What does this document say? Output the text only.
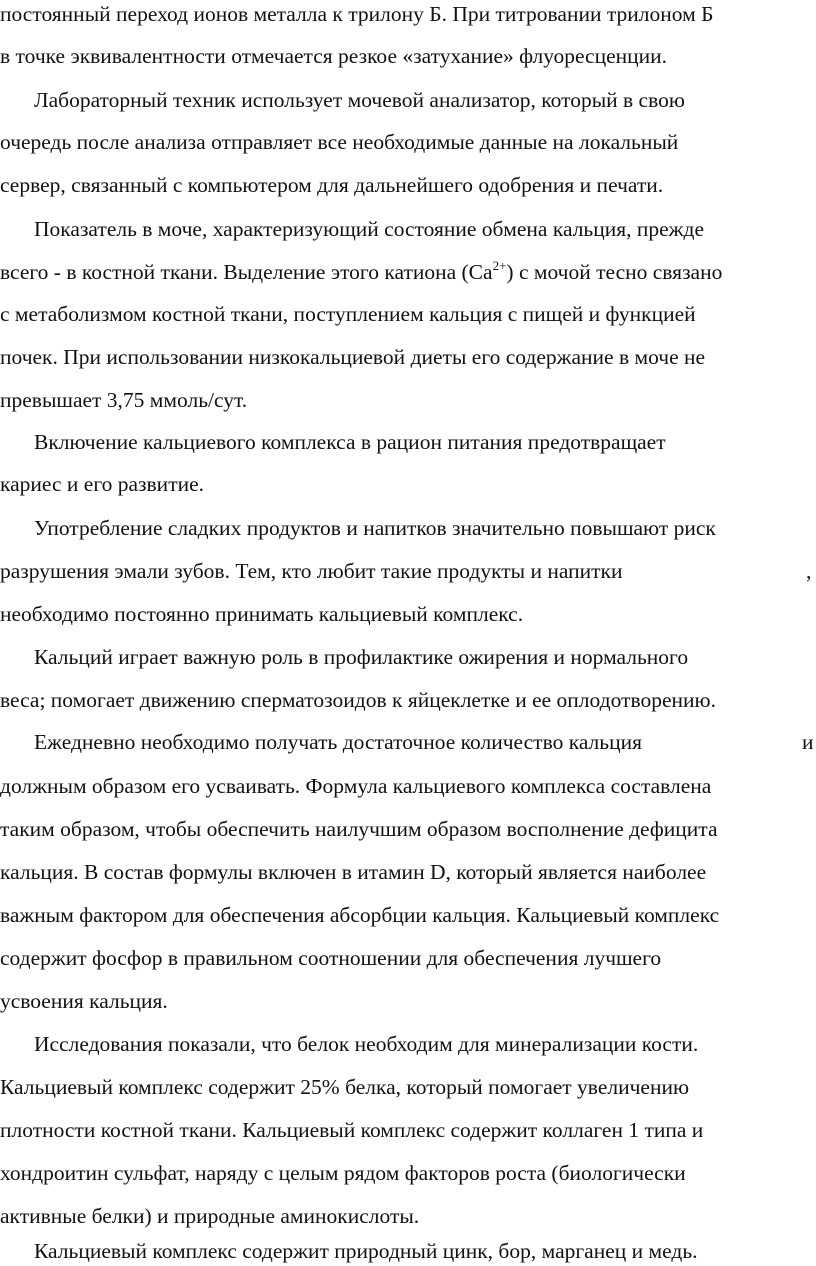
постоянный переход ионов металла к трилону Б. При титровании трилоном Б
в точке эквивалентности отмечается резкое «затухание» флуоресценции.
Лабораторный техник использует мочевой анализатор, который в свою
очередь после анализа отправляет все необходимые данные на локальный
сервер, связанный с компьютером для дальнейшего одобрения и печати.
Показатель в моче, характеризующий состояние обмена кальция, прежде
всего - в костной ткани. Выделение этого катиона $(Ca^{2+})$ с мочой тесно связано
с метаболизмом костной ткани, поступлением кальция с пищей и функцией
почек. При использовании низкокальциевой диеты его содержание в моче не
превышает 3,75 ммоль/сут.
Включение кальциевого комплекса в рацион питания предотвращает
кариес и его развитие.
Употребление сладких продуктов и напитков значительно повышают риск
разрушения эмали зубов. Тем, кто любит такие продукты и напитки	,
необходимо постоянно принимать кальциевый комплекс.
Кальций играет важную роль в профилактике ожирения и нормального
веса; помогает движению сперматозоидов к яйцеклетке и ее оплодотворению.
Ежедневно необходимо получать достаточное количество кальция	и
должным образом его усваивать. Формула кальциевого комплекса составлена
таким образом, чтобы обеспечить наилучшим образом восполнение дефицита
кальция. В состав формулы включен в итамин D, который является наиболее
важным фактором для обеспечения абсорбции кальция. Кальциевый комплекс
содержит фосфор в правильном соотношении для обеспечения лучшего
усвоения кальция.
Исследования показали, что белок необходим для минерализации кости.
Кальциевый комплекс содержит 25% белка, который помогает увеличению
плотности костной ткани. Кальциевый комплекс содержит коллаген 1 типа и
хондроитин сульфат, наряду с целым рядом факторов роста (биологически
активные белки) и природные аминокислоты.
Кальциевый комплекс содержит природный цинк, бор, марганец и медь.
